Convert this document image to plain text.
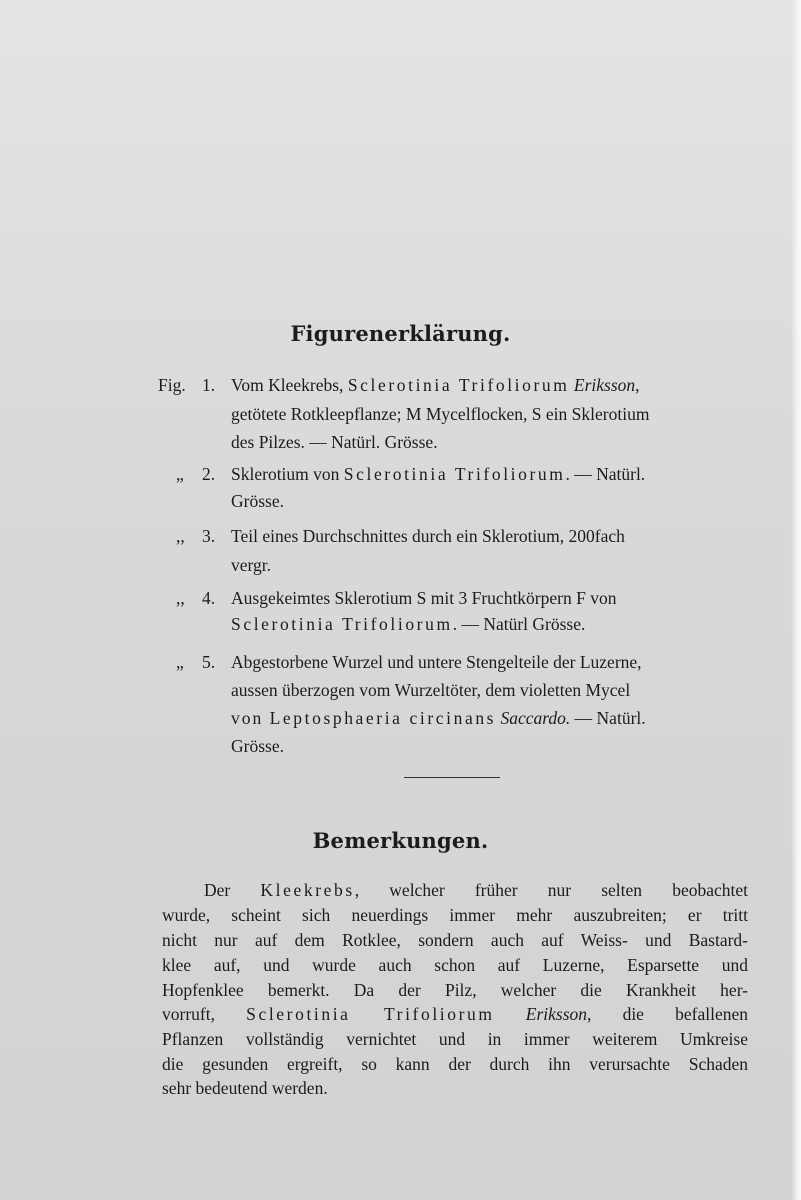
Figurenerklärung.
Fig. 1. Vom Kleekrebs, Sclerotinia Trifoliorum Eriksson,
getötete Rotkleepflanze; M Mycelflocken, S ein Sklerotium
des Pilzes. — Natürl. Grösse.
„ 2. Sklerotium von Sclerotinia Trifoliorum. — Natürl.
Grösse.
,, 3. Teil eines Durchschnittes durch ein Sklerotium, 200fach
vergr.
,, 4. Ausgekeimtes Sklerotium S mit 3 Fruchtkörpern F von
Sclerotinia Trifoliorum. — Natürl Grösse.
„ 5. Abgestorbene Wurzel und untere Stengelteile der Luzerne,
aussen überzogen vom Wurzeltöter, dem violetten Mycel
von Leptosphaeria circinans Saccardo. — Natürl.
Grösse.
Bemerkungen.
Der Kleekrebs, welcher früher nur selten beobachtet
wurde, scheint sich neuerdings immer mehr auszubreiten; er tritt
nicht nur auf dem Rotklee, sondern auch auf Weiss- und Bastard-
klee auf, und wurde auch schon auf Luzerne, Esparsette und
Hopfenklee bemerkt. Da der Pilz, welcher die Krankheit her-
vorruft, Sclerotinia Trifoliorum Eriksson, die befallenen
Pflanzen vollständig vernichtet und in immer weiterem Umkreise
die gesunden ergreift, so kann der durch ihn verursachte Schaden
sehr bedeutend werden.
